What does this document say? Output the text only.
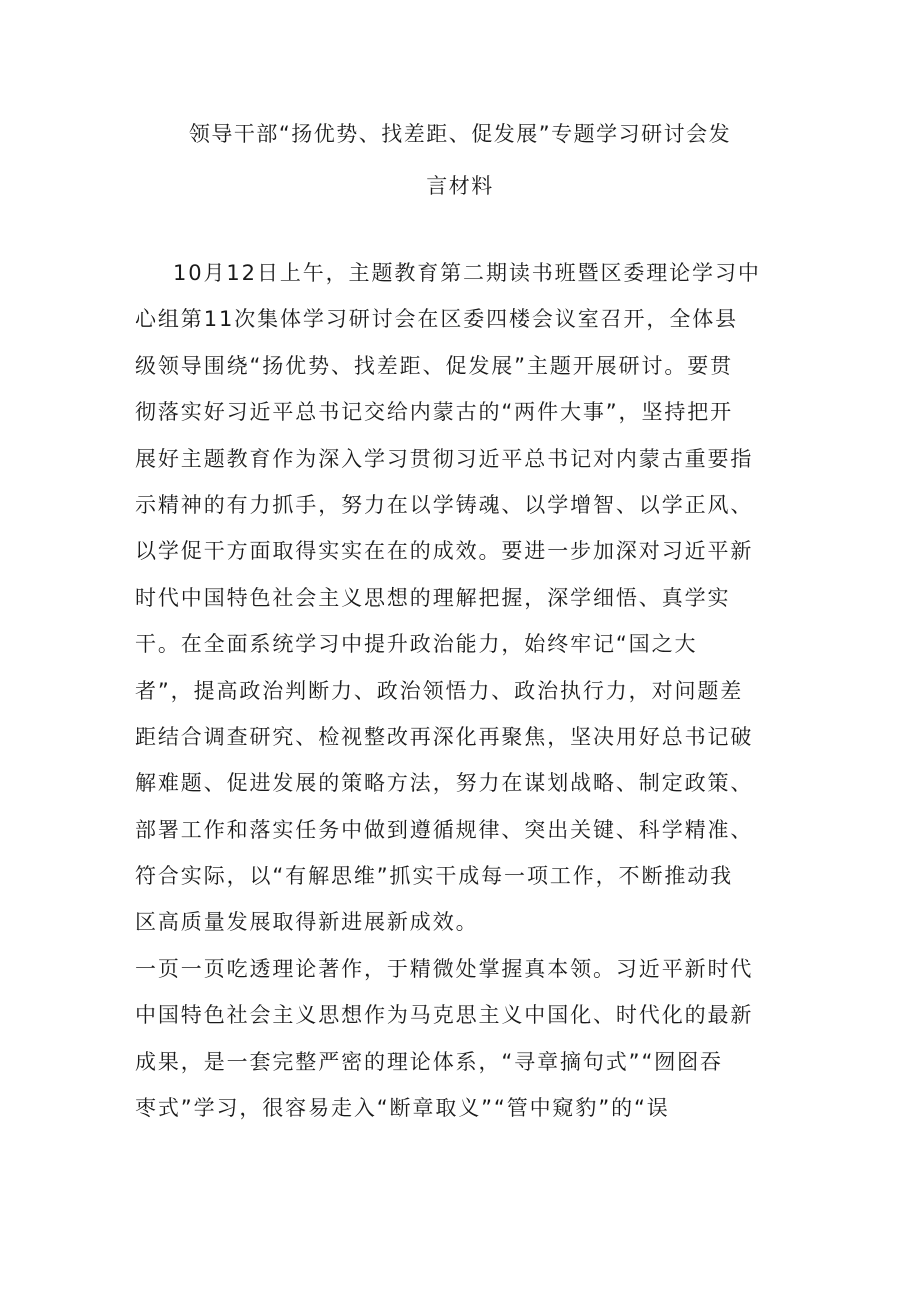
领导干部“扬优势、找差距、促发展”专题学习研讨会发
言材料
10月12日上午，主题教育第二期读书班暨区委理论学习中
心组第11次集体学习研讨会在区委四楼会议室召开，全体县
级领导围绕“扬优势、找差距、促发展”主题开展研讨。要贯
彻落实好习近平总书记交给内蒙古的“两件大事”，坚持把开
展好主题教育作为深入学习贯彻习近平总书记对内蒙古重要指
示精神的有力抓手，努力在以学铸魂、以学增智、以学正风、
以学促干方面取得实实在在的成效。要进一步加深对习近平新
时代中国特色社会主义思想的理解把握，深学细悟、真学实
干。在全面系统学习中提升政治能力，始终牢记“国之大
者”，提高政治判断力、政治领悟力、政治执行力，对问题差
距结合调查研究、检视整改再深化再聚焦，坚决用好总书记破
解难题、促进发展的策略方法，努力在谋划战略、制定政策、
部署工作和落实任务中做到遵循规律、突出关键、科学精准、
符合实际，以“有解思维”抓实干成每一项工作，不断推动我
区高质量发展取得新进展新成效。
一页一页吃透理论著作，于精微处掌握真本领。习近平新时代
中国特色社会主义思想作为马克思主义中国化、时代化的最新
成果，是一套完整严密的理论体系，“寻章摘句式”“囫囵吞
枣式”学习，很容易走入“断章取义”“管中窥豹”的“误
